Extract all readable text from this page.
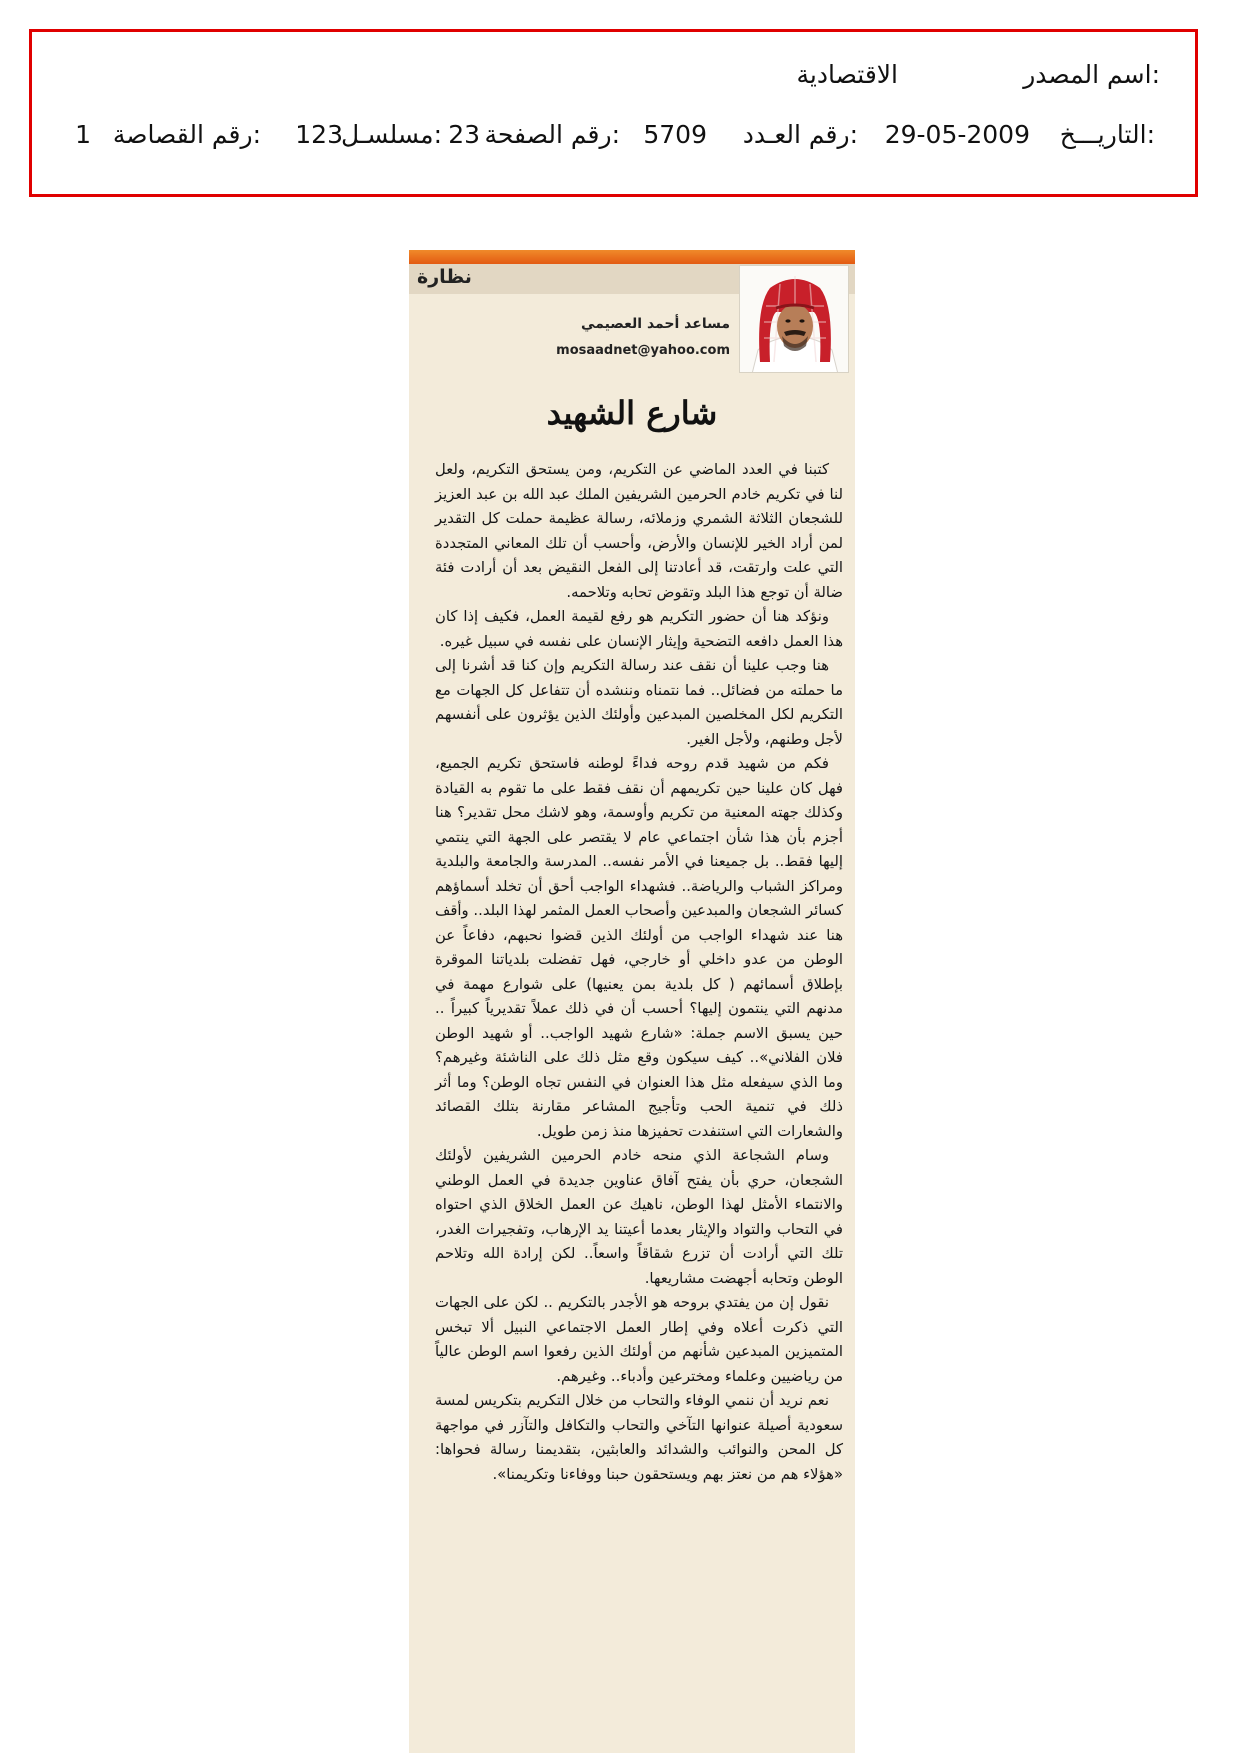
اسم المصدر:
الاقتصادية
التاريـــخ:
29-05-2009
رقم العـدد:
5709
رقم الصفحة:
23
مسلسـل:
123
رقم القصاصة:
1
نظارة
مساعد أحمد العصيمي
mosaadnet@yahoo.com
شارع الشهيد

كتبنا في العدد الماضي عن التكريم، ومن يستحق التكريم، ولعل لنا في تكريم خادم الحرمين الشريفين الملك عبد الله بن عبد العزيز للشجعان الثلاثة الشمري وزملائه، رسالة عظيمة حملت كل التقدير لمن أراد الخير للإنسان والأرض، وأحسب أن تلك المعاني المتجددة التي علت وارتقت، قد أعادتنا إلى الفعل النقيض بعد أن أرادت فئة ضالة أن توجع هذا البلد وتقوض تحابه وتلاحمه.

ونؤكد هنا أن حضور التكريم هو رفع لقيمة العمل، فكيف إذا كان هذا العمل دافعه التضحية وإيثار الإنسان على نفسه في سبيل غيره.

هنا وجب علينا أن نقف عند رسالة التكريم وإن كنا قد أشرنا إلى ما حملته من فضائل.. فما نتمناه وننشده أن تتفاعل كل الجهات مع التكريم لكل المخلصين المبدعين وأولئك الذين يؤثرون على أنفسهم لأجل وطنهم، ولأجل الغير.

فكم من شهيد قدم روحه فداءً لوطنه فاستحق تكريم الجميع، فهل كان علينا حين تكريمهم أن نقف فقط على ما تقوم به القيادة وكذلك جهته المعنية من تكريم وأوسمة، وهو لاشك محل تقدير؟ هنا أجزم بأن هذا شأن اجتماعي عام لا يقتصر على الجهة التي ينتمي إليها فقط.. بل جميعنا في الأمر نفسه.. المدرسة والجامعة والبلدية ومراكز الشباب والرياضة.. فشهداء الواجب أحق أن تخلد أسماؤهم كسائر الشجعان والمبدعين وأصحاب العمل المثمر لهذا البلد.. وأقف هنا عند شهداء الواجب من أولئك الذين قضوا نحبهم، دفاعاً عن الوطن من عدو داخلي أو خارجي، فهل تفضلت بلدياتنا الموقرة بإطلاق أسمائهم ( كل بلدية بمن يعنيها) على شوارع مهمة في مدنهم التي ينتمون إليها؟ أحسب أن في ذلك عملاً تقديرياً كبيراً .. حين يسبق الاسم جملة: «شارع شهيد الواجب.. أو شهيد الوطن فلان الفلاني».. كيف سيكون وقع مثل ذلك على الناشئة وغيرهم؟ وما الذي سيفعله مثل هذا العنوان في النفس تجاه الوطن؟ وما أثر ذلك في تنمية الحب وتأجيج المشاعر مقارنة بتلك القصائد والشعارات التي استنفدت تحفيزها منذ زمن طويل.

وسام الشجاعة الذي منحه خادم الحرمين الشريفين لأولئك الشجعان، حري بأن يفتح آفاق عناوين جديدة في العمل الوطني والانتماء الأمثل لهذا الوطن، ناهيك عن العمل الخلاق الذي احتواه في التحاب والتواد والإيثار بعدما أعيتنا يد الإرهاب، وتفجيرات الغدر، تلك التي أرادت أن تزرع شقاقاً واسعاً.. لكن إرادة الله وتلاحم الوطن وتحابه أجهضت مشاريعها.

نقول إن من يفتدي بروحه هو الأجدر بالتكريم .. لكن على الجهات التي ذكرت أعلاه وفي إطار العمل الاجتماعي النبيل ألا تبخس المتميزين المبدعين شأنهم من أولئك الذين رفعوا اسم الوطن عالياً من رياضيين وعلماء ومخترعين وأدباء.. وغيرهم.

نعم نريد أن ننمي الوفاء والتحاب من خلال التكريم بتكريس لمسة سعودية أصيلة عنوانها التآخي والتحاب والتكافل والتآزر في مواجهة كل المحن والنوائب والشدائد والعابثين، بتقديمنا رسالة فحواها: «هؤلاء هم من نعتز بهم ويستحقون حبنا ووفاءنا وتكريمنا».
